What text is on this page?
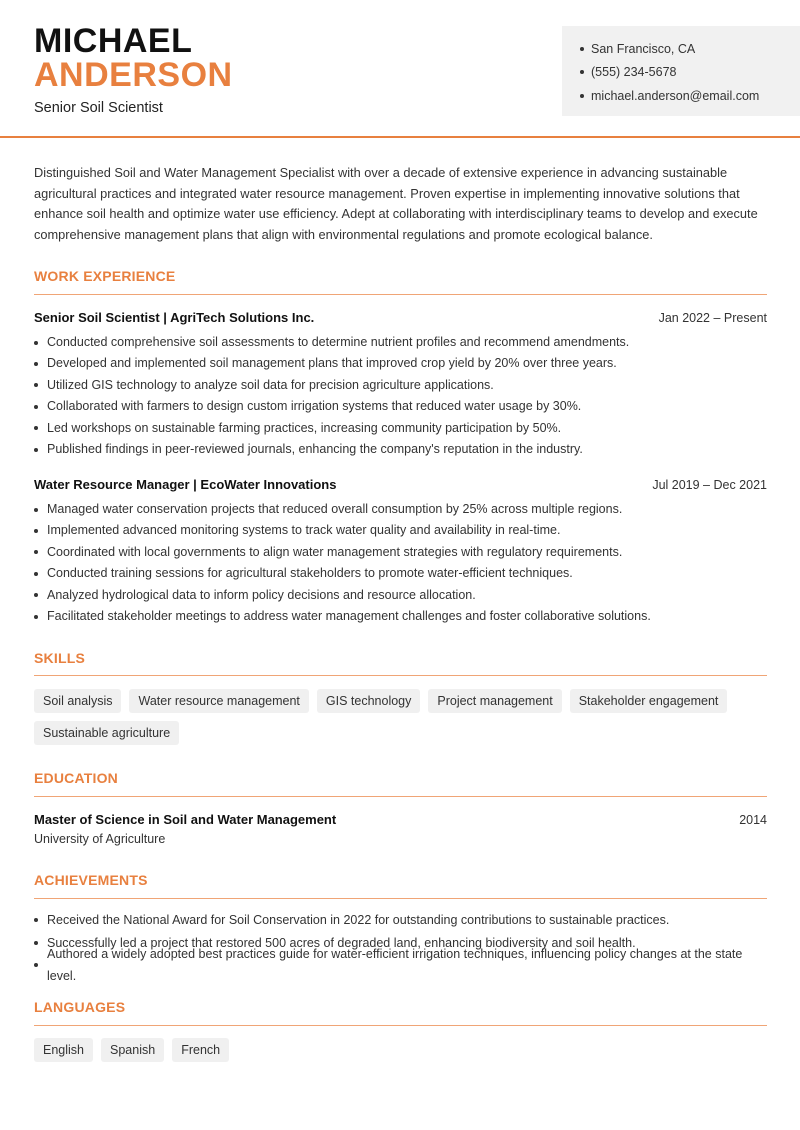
MICHAEL
ANDERSON
Senior Soil Scientist
San Francisco, CA
(555) 234-5678
michael.anderson@email.com
Distinguished Soil and Water Management Specialist with over a decade of extensive experience in advancing sustainable agricultural practices and integrated water resource management. Proven expertise in implementing innovative solutions that enhance soil health and optimize water use efficiency. Adept at collaborating with interdisciplinary teams to develop and execute comprehensive management plans that align with environmental regulations and promote ecological balance.
WORK EXPERIENCE
Senior Soil Scientist | AgriTech Solutions Inc.	Jan 2022 – Present
Conducted comprehensive soil assessments to determine nutrient profiles and recommend amendments.
Developed and implemented soil management plans that improved crop yield by 20% over three years.
Utilized GIS technology to analyze soil data for precision agriculture applications.
Collaborated with farmers to design custom irrigation systems that reduced water usage by 30%.
Led workshops on sustainable farming practices, increasing community participation by 50%.
Published findings in peer-reviewed journals, enhancing the company's reputation in the industry.
Water Resource Manager | EcoWater Innovations	Jul 2019 – Dec 2021
Managed water conservation projects that reduced overall consumption by 25% across multiple regions.
Implemented advanced monitoring systems to track water quality and availability in real-time.
Coordinated with local governments to align water management strategies with regulatory requirements.
Conducted training sessions for agricultural stakeholders to promote water-efficient techniques.
Analyzed hydrological data to inform policy decisions and resource allocation.
Facilitated stakeholder meetings to address water management challenges and foster collaborative solutions.
SKILLS
Soil analysis	Water resource management	GIS technology	Project management	Stakeholder engagement
Sustainable agriculture
EDUCATION
Master of Science in Soil and Water Management	2014
University of Agriculture
ACHIEVEMENTS
Received the National Award for Soil Conservation in 2022 for outstanding contributions to sustainable practices.
Successfully led a project that restored 500 acres of degraded land, enhancing biodiversity and soil health.
Authored a widely adopted best practices guide for water-efficient irrigation techniques, influencing policy changes at the state level.
LANGUAGES
English	Spanish	French
